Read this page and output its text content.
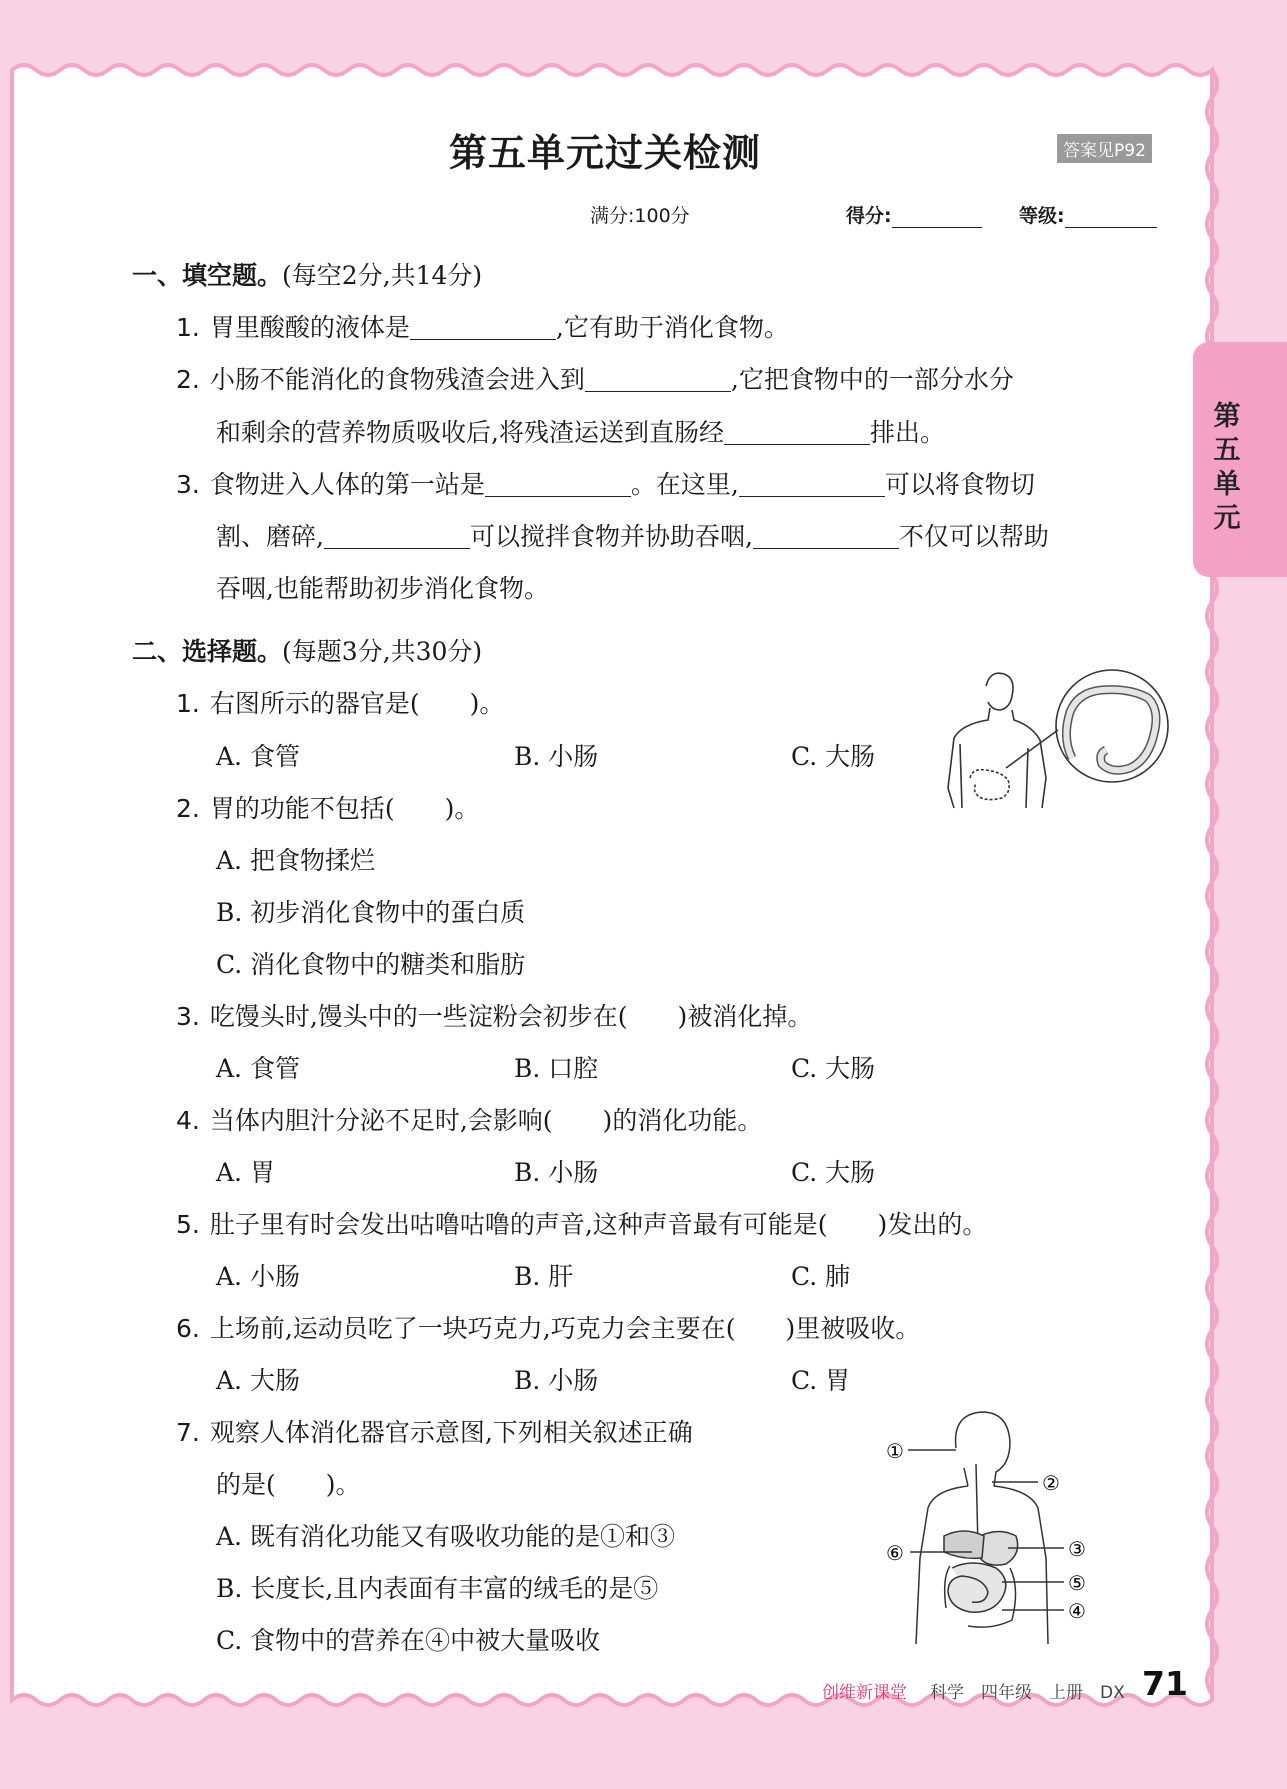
第五单元过关检测	答案见P92
满分:100分	得分:	等级:
第五单元
一、填空题。(每空2分,共14分)
1. 胃里酸酸的液体是	,它有助于消化食物。
2. 小肠不能消化的食物残渣会进入到	,它把食物中的一部分水分
和剩余的营养物质吸收后,将残渣运送到直肠经	排出。
3. 食物进入人体的第一站是	。在这里,	可以将食物切
割、磨碎,	可以搅拌食物并协助吞咽,	不仅可以帮助
吞咽,也能帮助初步消化食物。
二、选择题。(每题3分,共30分)
1. 右图所示的器官是(　　)。
A. 食管	B. 小肠	C. 大肠
2. 胃的功能不包括(　　)。
A. 把食物揉烂
B. 初步消化食物中的蛋白质
C. 消化食物中的糖类和脂肪
3. 吃馒头时,馒头中的一些淀粉会初步在(　　)被消化掉。
A. 食管	B. 口腔	C. 大肠
4. 当体内胆汁分泌不足时,会影响(　　)的消化功能。
A. 胃	B. 小肠	C. 大肠
5. 肚子里有时会发出咕噜咕噜的声音,这种声音最有可能是(　　)发出的。
A. 小肠	B. 肝	C. 肺
6. 上场前,运动员吃了一块巧克力,巧克力会主要在(　　)里被吸收。
A. 大肠	B. 小肠	C. 胃
7. 观察人体消化器官示意图,下列相关叙述正确
的是(　　)。
A. 既有消化功能又有吸收功能的是①和③
B. 长度长,且内表面有丰富的绒毛的是⑤
C. 食物中的营养在④中被大量吸收
①
②
③
④
⑤
⑥
创维新课堂 科学　四年级　上册　DX 71
